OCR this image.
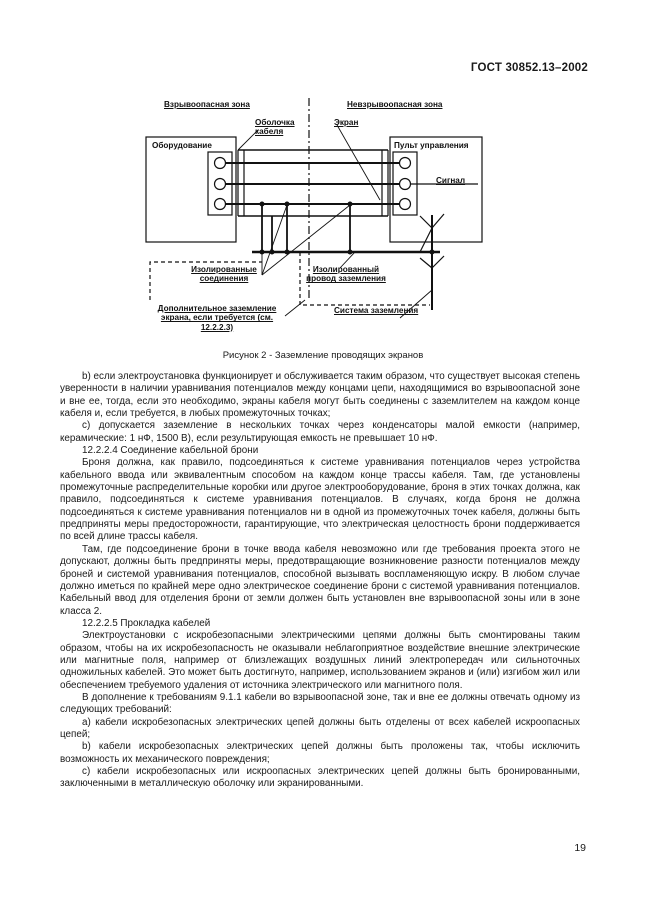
ГОСТ 30852.13–2002
Взрывоопасная зона	Невзрывоопасная зона
Оборудование
Оболочка кабеля
Экран
Пульт управления
Сигнал
Изолированные соединения
Изолированный провод заземления
Дополнительное заземление экрана, если требуется (см. 12.2.2.3)
Система заземления
Рисунок 2 - Заземление проводящих экранов

b) если электроустановка функционирует и обслуживается таким образом, что существует высокая степень уверенности в наличии уравнивания потенциалов между концами цепи, находящимися во взрывоопасной зоне и вне ее, тогда, если это необходимо, экраны кабеля могут быть соединены с заземлителем на каждом конце кабеля и, если требуется, в любых промежуточных точках;

с) допускается заземление в нескольких точках через конденсаторы малой емкости (например, керамические: 1 нФ, 1500 В), если результирующая емкость не превышает 10 нФ.

12.2.2.4 Соединение кабельной брони

Броня должна, как правило, подсоединяться к системе уравнивания потенциалов через устройства кабельного ввода или эквивалентным способом на каждом конце трассы кабеля. Там, где установлены промежуточные распределительные коробки или другое электрооборудование, броня в этих точках должна, как правило, подсоединяться к системе уравнивания потенциалов. В случаях, когда броня не должна подсоединяться к системе уравнивания потенциалов ни в одной из промежуточных точек кабеля, должны быть предприняты меры предосторожности, гарантирующие, что электрическая целостность брони поддерживается по всей длине трассы кабеля.

Там, где подсоединение брони в точке ввода кабеля невозможно или где требования проекта этого не допускают, должны быть предприняты меры, предотвращающие возникновение разности потенциалов между броней и системой уравнивания потенциалов, способной вызывать воспламеняющую искру. В любом случае должно иметься по крайней мере одно электрическое соединение брони с системой уравнивания потенциалов. Кабельный ввод для отделения брони от земли должен быть установлен вне взрывоопасной зоны или в зоне класса 2.

12.2.2.5 Прокладка кабелей

Электроустановки с искробезопасными электрическими цепями должны быть смонтированы таким образом, чтобы на их искробезопасность не оказывали неблагоприятное воздействие внешние электрические или магнитные поля, например от близлежащих воздушных линий электропередач или сильноточных одножильных кабелей. Это может быть достигнуто, например, использованием экранов и (или) изгибом жил или обеспечением требуемого удаления от источника электрического или магнитного поля.

В дополнение к требованиям 9.1.1 кабели во взрывоопасной зоне, так и вне ее должны отвечать одному из следующих требований:

а) кабели искробезопасных электрических цепей должны быть отделены от всех кабелей искроопасных цепей;

b) кабели искробезопасных электрических цепей должны быть проложены так, чтобы исключить возможность их механического повреждения;

с) кабели искробезопасных или искроопасных электрических цепей должны быть бронированными, заключенными в металлическую оболочку или экранированными.

19
